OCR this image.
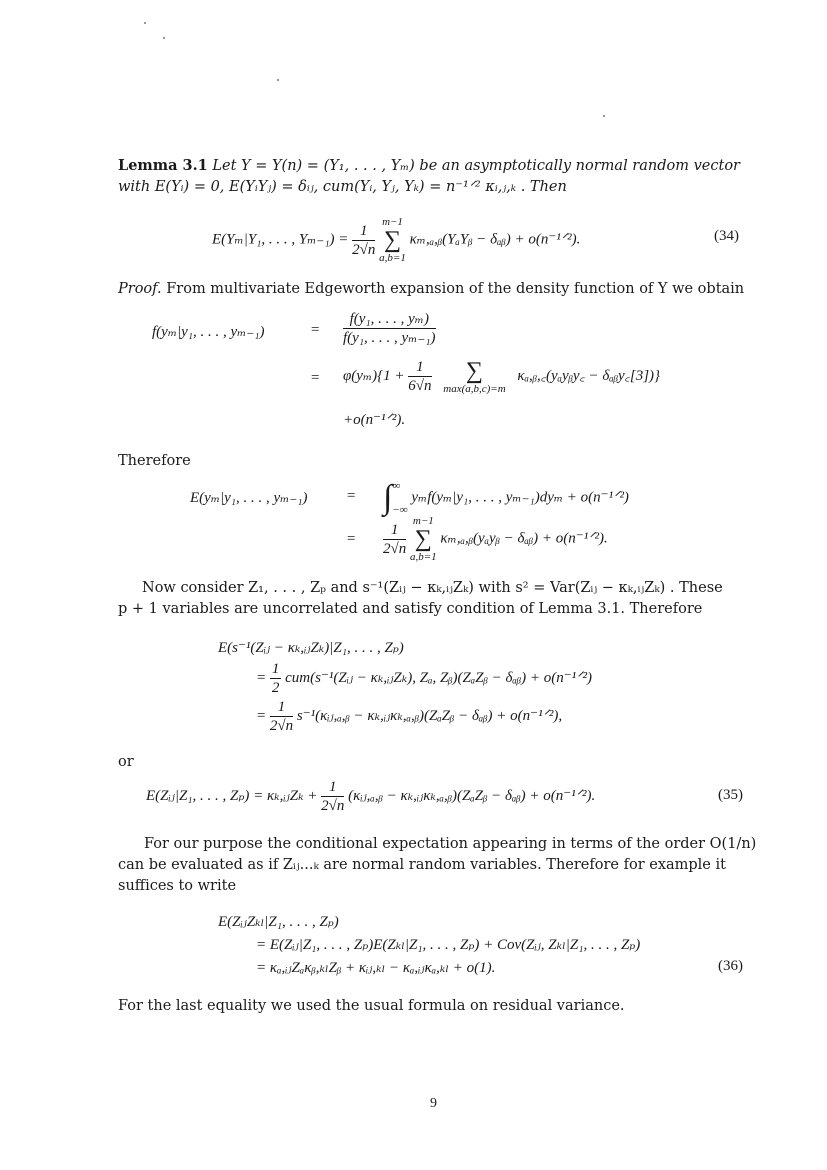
Lemma 3.1 Let Y = Y(n) = (Y₁, . . . , Yₘ) be an asymptotically normal random vector
with E(Yᵢ) = 0, E(YᵢYⱼ) = δᵢⱼ, cum(Yᵢ, Yⱼ, Yₖ) = n⁻¹ᐟ² κᵢ,ⱼ,ₖ . Then
E(Yₘ|Y₁, . . . , $Y_{m-1}) = \frac{1}{2√n}$
m−1
∑
a,b=1
κₘ,ₐ,ᵦ(YₐYᵦ − δₐᵦ) + o(n⁻¹ᐟ²).	(34)
Proof. From multivariate Edgeworth expansion of the density function of Y we obtain
f(yₘ|y₁, . . . , yₘ₋₁)	= $\frac{\text{f(y₁, . . . , yₘ)}}{\text{f(y₁, . . . , yₘ₋₁)}}$
= $\varphi(y_m)\{1 + \frac{1}{6√n}$
	∑
max(a,b,c)=m
κₐ,ᵦ,꜀(yₐyᵦy꜀ − δₐᵦy꜀[3])}
+o(n⁻¹ᐟ²).
Therefore
E(yₘ|y₁, . . . , yₘ₋₁)	= ∫ ∞
−∞
yₘf(yₘ|y₁, . . . , yₘ₋₁)dyₘ + o(n⁻¹ᐟ²)
= $\frac{1}{2√n}$
m−1
∑
a,b=1
κₘ,ₐ,ᵦ(yₐyᵦ − δₐᵦ) + o(n⁻¹ᐟ²).
Now consider Z₁, . . . , Zₚ and s⁻¹(Zᵢⱼ − κₖ,ᵢⱼZₖ) with s² = Var(Zᵢⱼ − κₖ,ᵢⱼZₖ) . These
p + 1 variables are uncorrelated and satisfy condition of Lemma 3.1. Therefore
E(s⁻¹(Zᵢⱼ − κₖ,ᵢⱼZₖ)|Z₁, . . . , Zₚ)
= $\frac{1}{2}$ cum(s⁻¹(Zᵢⱼ − κₖ,ᵢⱼZₖ), Zₐ, Zᵦ)(ZₐZᵦ − δₐᵦ) + o(n⁻¹ᐟ²)
= $\frac{1}{2√n}$ s⁻¹(κᵢⱼ,ₐ,ᵦ − κₖ,ᵢⱼκₖ,ₐ,ᵦ)(ZₐZᵦ − δₐᵦ) + o(n⁻¹ᐟ²),
or
E(Zᵢⱼ|Z₁, . . . , Zₚ) = κₖ,ᵢⱼZₖ + $\frac{1}{2√n}$ (κᵢⱼ,ₐ,ᵦ − κₖ,ᵢⱼκₖ,ₐ,ᵦ)(ZₐZᵦ − δₐᵦ) + o(n⁻¹ᐟ²).	(35)
For our purpose the conditional expectation appearing in terms of the order O(1/n)
can be evaluated as if Zᵢⱼ...ₖ are normal random variables. Therefore for example it
suffices to write
E(ZᵢⱼZₖₗ|Z₁, . . . , Zₚ)
= E(Zᵢⱼ|Z₁, . . . , Zₚ)E(Zₖₗ|Z₁, . . . , Zₚ) + Cov(Zᵢⱼ, Zₖₗ|Z₁, . . . , Zₚ)
= κₐ,ᵢⱼZₐκᵦ,ₖₗZᵦ + κᵢⱼ,ₖₗ − κₐ,ᵢⱼκₐ,ₖₗ + o(1).	(36)
For the last equality we used the usual formula on residual variance.
9
